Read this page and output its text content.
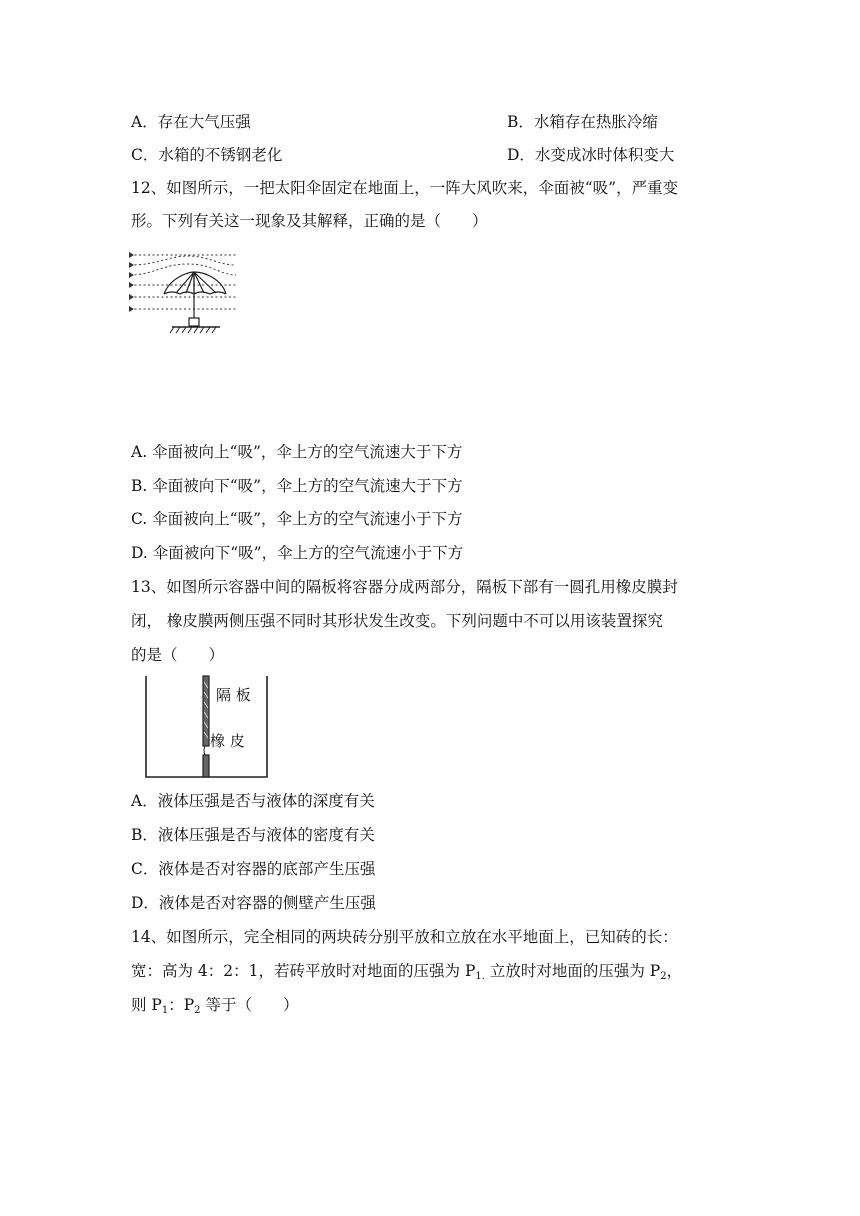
A．存在大气压强	B．水箱存在热胀冷缩
C．水箱的不锈钢老化	D．水变成冰时体积变大
12、如图所示，一把太阳伞固定在地面上，一阵大风吹来，伞面被“吸”，严重变
形。下列有关这一现象及其解释，正确的是（　　）
A. 伞面被向上“吸”，伞上方的空气流速大于下方
B. 伞面被向下“吸”，伞上方的空气流速大于下方
C. 伞面被向上“吸”，伞上方的空气流速小于下方
D. 伞面被向下“吸”，伞上方的空气流速小于下方
13、如图所示容器中间的隔板将容器分成两部分，隔板下部有一圆孔用橡皮膜封
闭， 橡皮膜两侧压强不同时其形状发生改变。下列问题中不可以用该装置探究
的是（　　）
隔 板
橡 皮
A．液体压强是否与液体的深度有关
B．液体压强是否与液体的密度有关
C．液体是否对容器的底部产生压强
D．液体是否对容器的侧壁产生压强
14、如图所示，完全相同的两块砖分别平放和立放在水平地面上，已知砖的长：
宽：高为 4：2：1，若砖平放时对地面的压强为 $P_{1.}$ 立放时对地面的压强为 $P_2$，
则 $P_1$：$P_2$ 等于（　　）
